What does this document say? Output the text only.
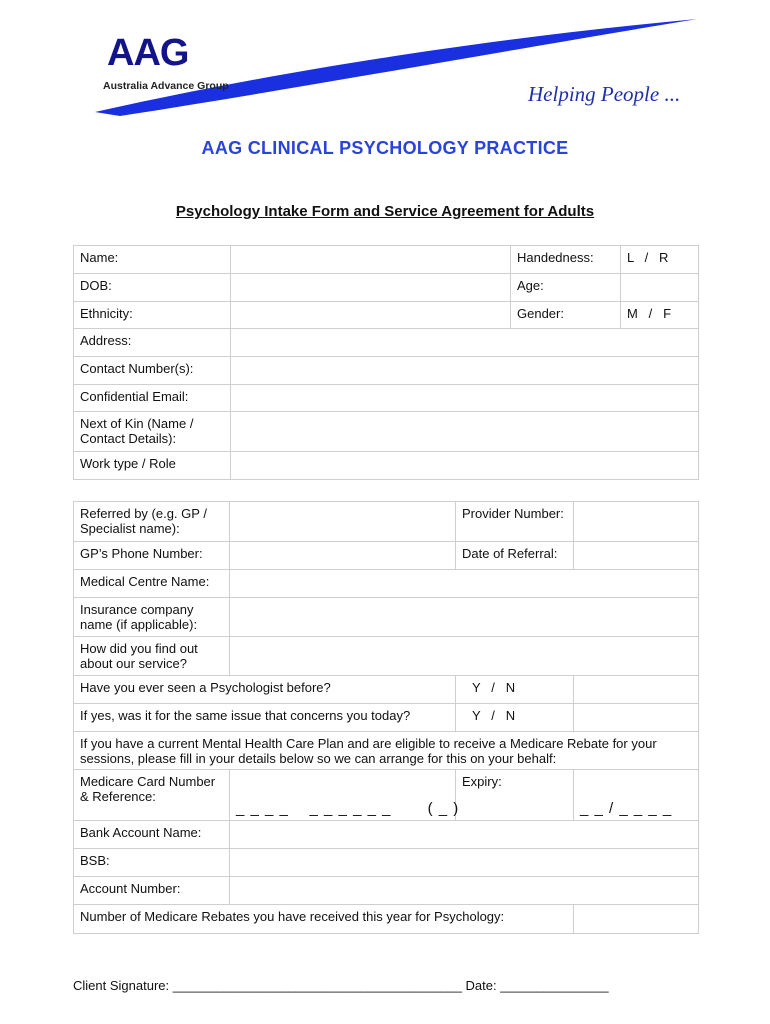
AAG
Australia Advance Group	Helping People ...
AAG CLINICAL PSYCHOLOGY PRACTICE
Psychology Intake Form and Service Agreement for Adults
Name:		Handedness:	L   /   R
DOB:		Age:	
Ethnicity:		Gender:	M   /   F
Address:			
Contact Number(s):			
Confidential Email:			
Next of Kin (Name / Contact Details):			
Work type / Role			
Referred by (e.g. GP / Specialist name):		Provider Number:	
GP’s Phone Number:		Date of Referral:	
Medical Centre Name:			
Insurance company name (if applicable):			
How did you find out about our service?			
Have you ever seen a Psychologist before?		Y   /   N	
If yes, was it for the same issue that concerns you today?		Y   /   N	
If you have a current Mental Health Care Plan and are eligible to receive a Medicare Rebate for your sessions, please fill in your details below so we can arrange for this on your behalf:			
Medicare Card Number & Reference:	_ _ _ _    _ _ _ _ _ _       ( _ )	Expiry:	_ _ / _ _ _ _
Bank Account Name:			
BSB:			
Account Number:			
Number of Medicare Rebates you have received this year for Psychology:			
Client Signature: ________________________________________ Date: _______________
